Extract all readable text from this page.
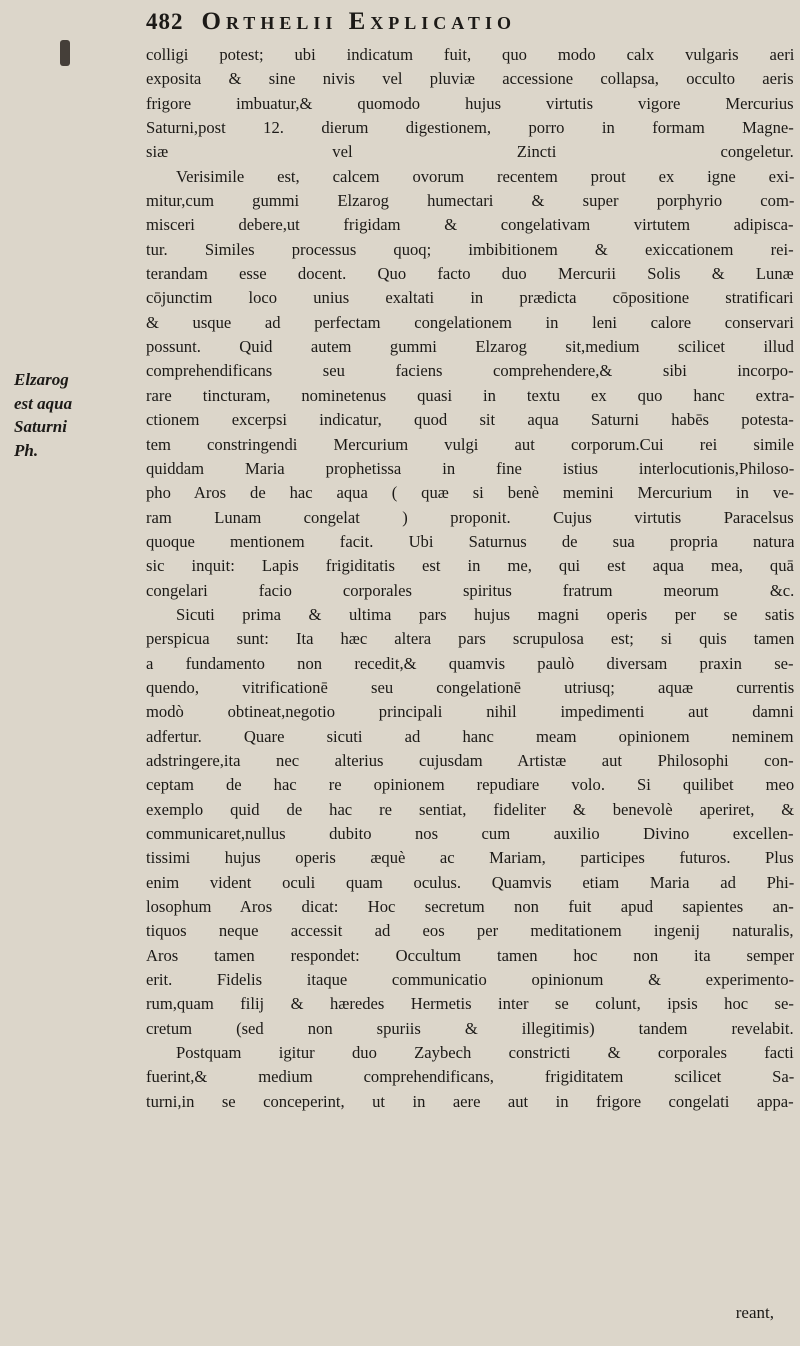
482 Orthelii Explicatio
Elzarog
est aqua
Saturni
Ph.
colligi potest; ubi indicatum fuit, quo modo calx vulgaris aeri
exposita & sine nivis vel pluviæ accessione collapsa, occulto aeris
frigore imbuatur,& quomodo hujus virtutis vigore Mercurius
Saturni,post 12. dierum digestionem, porro in formam Magne-
siæ vel Zincti congeletur.
Verisimile est, calcem ovorum recentem prout ex igne exi-
mitur,cum gummi Elzarog humectari & super porphyrio com-
misceri debere,ut frigidam & congelativam virtutem adipisca-
tur. Similes processus quoq; imbibitionem & exiccationem rei-
terandam esse docent. Quo facto duo Mercurii Solis & Lunæ
cōjunctim loco unius exaltati in prædicta cōpositione stratificari
& usque ad perfectam congelationem in leni calore conservari
possunt. Quid autem gummi Elzarog sit,medium scilicet illud
comprehendificans seu faciens comprehendere,& sibi incorpo-
rare tincturam, nominetenus quasi in textu ex quo hanc extra-
ctionem excerpsi indicatur, quod sit aqua Saturni habēs potesta-
tem constringendi Mercurium vulgi aut corporum.Cui rei simile
quiddam Maria prophetissa in fine istius interlocutionis,Philoso-
pho Aros de hac aqua ( quæ si benè memini Mercurium in ve-
ram Lunam congelat ) proponit. Cujus virtutis Paracelsus
quoque mentionem facit. Ubi Saturnus de sua propria natura
sic inquit: Lapis frigiditatis est in me, qui est aqua mea, quā
congelari facio corporales spiritus fratrum meorum &c.
Sicuti prima & ultima pars hujus magni operis per se satis
perspicua sunt: Ita hæc altera pars scrupulosa est; si quis tamen
a fundamento non recedit,& quamvis paulò diversam praxin se-
quendo, vitrificationē seu congelationē utriusq; aquæ currentis
modò obtineat,negotio principali nihil impedimenti aut damni
adfertur. Quare sicuti ad hanc meam opinionem neminem
adstringere,ita nec alterius cujusdam Artistæ aut Philosophi con-
ceptam de hac re opinionem repudiare volo. Si quilibet meo
exemplo quid de hac re sentiat, fideliter & benevolè aperiret, &
communicaret,nullus dubito nos cum auxilio Divino excellen-
tissimi hujus operis æquè ac Mariam, participes futuros. Plus
enim vident oculi quam oculus. Quamvis etiam Maria ad Phi-
losophum Aros dicat: Hoc secretum non fuit apud sapientes an-
tiquos neque accessit ad eos per meditationem ingenij naturalis,
Aros tamen respondet: Occultum tamen hoc non ita semper
erit. Fidelis itaque communicatio opinionum & experimento-
rum,quam filij & hæredes Hermetis inter se colunt, ipsis hoc se-
cretum (sed non spuriis & illegitimis) tandem revelabit.
Postquam igitur duo Zaybech constricti & corporales facti
fuerint,& medium comprehendificans, frigiditatem scilicet Sa-
turni,in se conceperint, ut in aere aut in frigore congelati appa-
reant,
